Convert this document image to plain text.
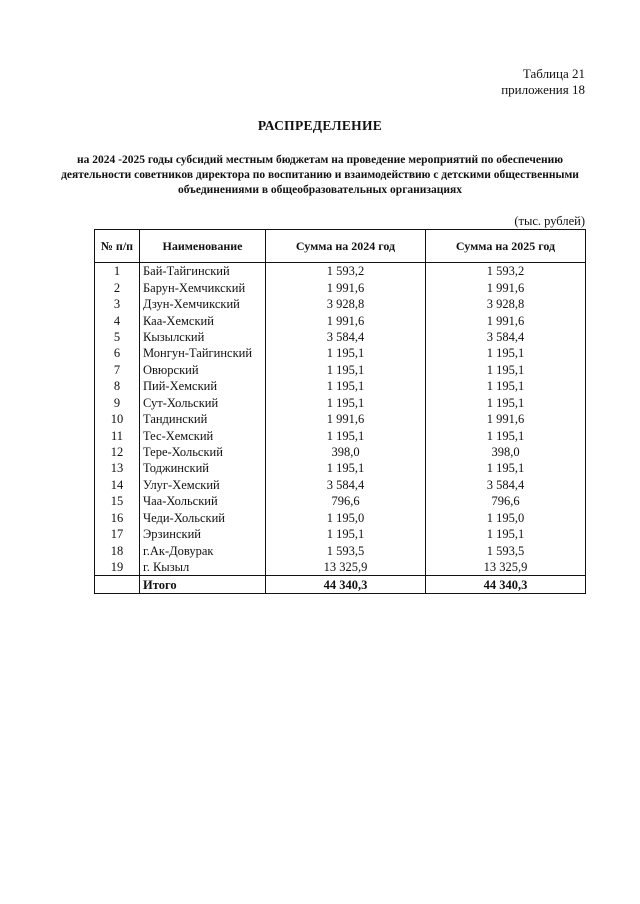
Таблица 21
приложения 18
РАСПРЕДЕЛЕНИЕ
на 2024 -2025 годы субсидий местным бюджетам на проведение мероприятий по обеспечению деятельности советников директора по воспитанию и взаимодействию с детскими общественными объединениями в общеобразовательных организациях
(тыс. рублей)
№ п/п	Наименование	Сумма на 2024 год	Сумма на 2025 год
1	Бай-Тайгинский	1 593,2	1 593,2
2	Барун-Хемчикский	1 991,6	1 991,6
3	Дзун-Хемчикский	3 928,8	3 928,8
4	Каа-Хемский	1 991,6	1 991,6
5	Кызылский	3 584,4	3 584,4
6	Монгун-Тайгинский	1 195,1	1 195,1
7	Овюрский	1 195,1	1 195,1
8	Пий-Хемский	1 195,1	1 195,1
9	Сут-Хольский	1 195,1	1 195,1
10	Тандинский	1 991,6	1 991,6
11	Тес-Хемский	1 195,1	1 195,1
12	Тере-Хольский	398,0	398,0
13	Тоджинский	1 195,1	1 195,1
14	Улуг-Хемский	3 584,4	3 584,4
15	Чаа-Хольский	796,6	796,6
16	Чеди-Хольский	1 195,0	1 195,0
17	Эрзинский	1 195,1	1 195,1
18	г.Ак-Довурак	1 593,5	1 593,5
19	г. Кызыл	13 325,9	13 325,9
	Итого	44 340,3	44 340,3
